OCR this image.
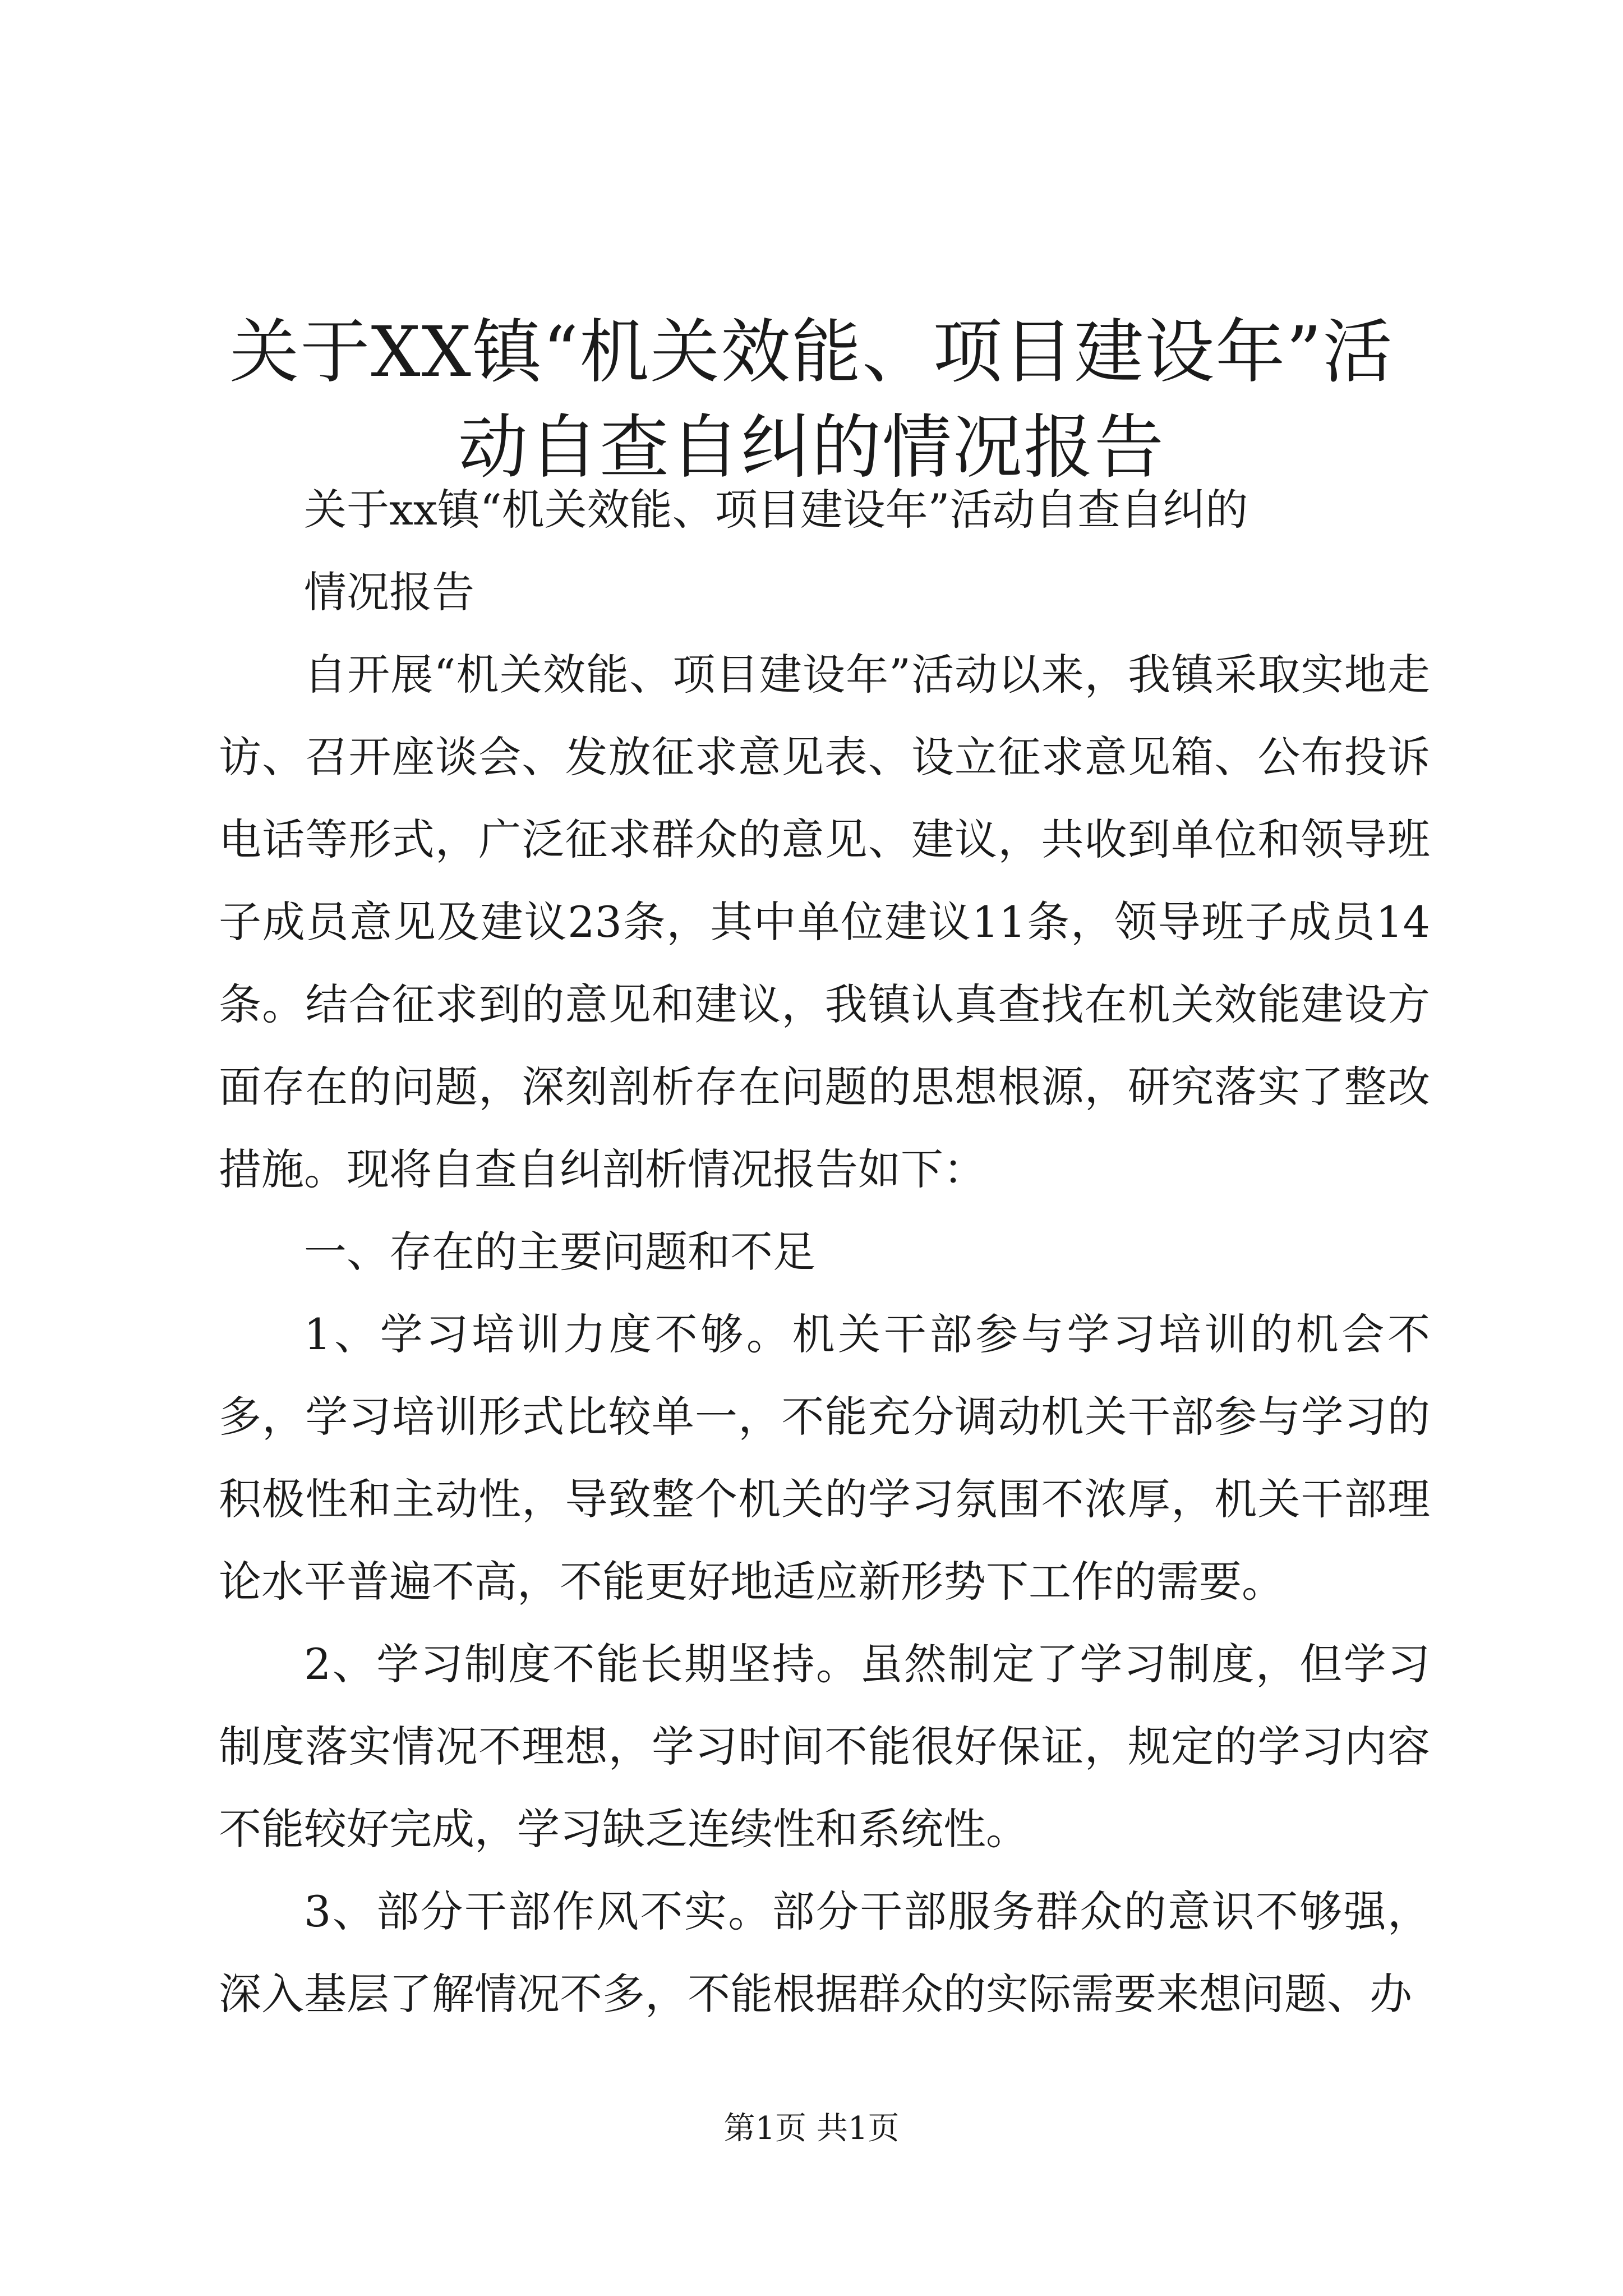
关于XX镇“机关效能、项目建设年”活动自查自纠的情况报告

关于xx镇“机关效能、项目建设年”活动自查自纠的

情况报告

自开展“机关效能、项目建设年”活动以来，我镇采取实地走访、召开座谈会、发放征求意见表、设立征求意见箱、公布投诉电话等形式，广泛征求群众的意见、建议，共收到单位和领导班子成员意见及建议23条，其中单位建议11条，领导班子成员14条。结合征求到的意见和建议，我镇认真查找在机关效能建设方面存在的问题，深刻剖析存在问题的思想根源，研究落实了整改措施。现将自查自纠剖析情况报告如下：

一、存在的主要问题和不足

1、学习培训力度不够。机关干部参与学习培训的机会不多，学习培训形式比较单一，不能充分调动机关干部参与学习的积极性和主动性，导致整个机关的学习氛围不浓厚，机关干部理论水平普遍不高，不能更好地适应新形势下工作的需要。

2、学习制度不能长期坚持。虽然制定了学习制度，但学习制度落实情况不理想，学习时间不能很好保证，规定的学习内容不能较好完成，学习缺乏连续性和系统性。

3、部分干部作风不实。部分干部服务群众的意识不够强，深入基层了解情况不多，不能根据群众的实际需要来想问题、办

第1页 共1页
